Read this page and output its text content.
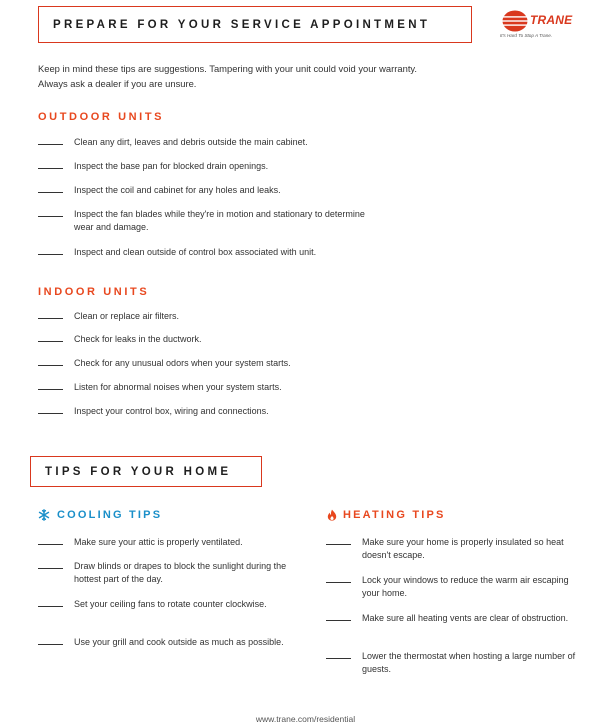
PREPARE FOR YOUR SERVICE APPOINTMENT	TRANE
It's Hard To Stop A Trane.
Keep in mind these tips are suggestions. Tampering with your unit could void your warranty.
Always ask a dealer if you are unsure.
OUTDOOR UNITS
Clean any dirt, leaves and debris outside the main cabinet.
Inspect the base pan for blocked drain openings.
Inspect the coil and cabinet for any holes and leaks.
Inspect the fan blades while they're in motion and stationary to determine wear and damage.
Inspect and clean outside of control box associated with unit.
INDOOR UNITS
Clean or replace air filters.
Check for leaks in the ductwork.
Check for any unusual odors when your system starts.
Listen for abnormal noises when your system starts.
Inspect your control box, wiring and connections.
TIPS FOR YOUR HOME
COOLING TIPS
Make sure your attic is properly ventilated.
Draw blinds or drapes to block the sunlight during the hottest part of the day.
Set your ceiling fans to rotate counter clockwise.
Use your grill and cook outside as much as possible.
HEATING TIPS
Make sure your home is properly insulated so heat doesn't escape.
Lock your windows to reduce the warm air escaping your home.
Make sure all heating vents are clear of obstruction.
Lower the thermostat when hosting a large number of guests.
www.trane.com/residential
